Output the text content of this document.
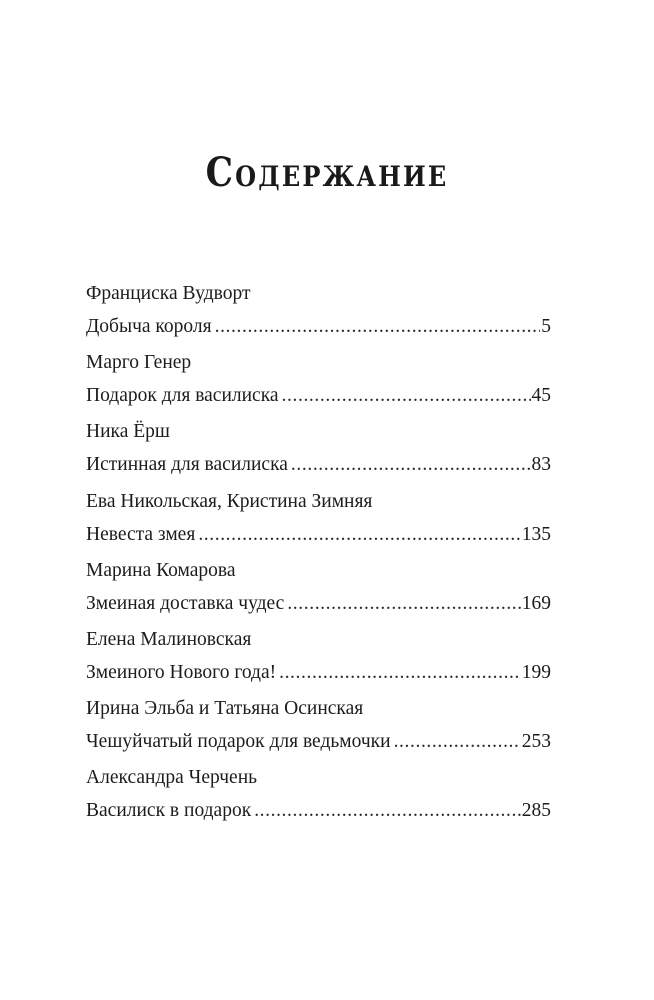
Содержание
Франциска Вудворт
Добыча короля .....	5
Марго Генер
Подарок для василиска .....	45
Ника Ёрш
Истинная для василиска .....	83
Ева Никольская, Кристина Зимняя
Невеста змея .....	135
Марина Комарова
Змеиная доставка чудес .....	169
Елена Малиновская
Змеиного Нового года! .....	199
Ирина Эльба и Татьяна Осинская
Чешуйчатый подарок для ведьмочки .....	253
Александра Черчень
Василиск в подарок .....	285
